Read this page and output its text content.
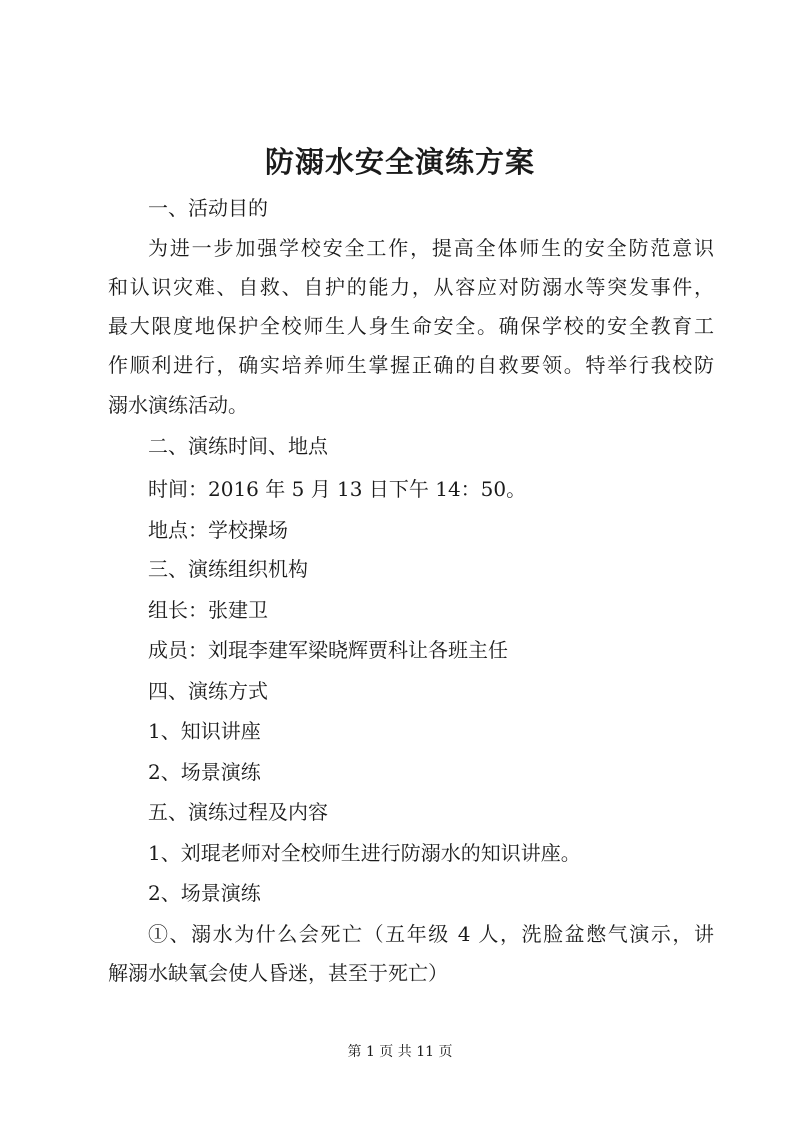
防溺水安全演练方案

一、活动目的

为进一步加强学校安全工作，提高全体师生的安全防范意识

和认识灾难、自救、自护的能力，从容应对防溺水等突发事件，

最大限度地保护全校师生人身生命安全。确保学校的安全教育工

作顺利进行，确实培养师生掌握正确的自救要领。特举行我校防

溺水演练活动。

二、演练时间、地点

时间：2016 年 5 月 13 日下午 14：50。

地点：学校操场

三、演练组织机构

组长：张建卫

成员：刘琨李建军梁晓辉贾科让各班主任

四、演练方式

1、知识讲座

2、场景演练

五、演练过程及内容

1、刘琨老师对全校师生进行防溺水的知识讲座。

2、场景演练

①、溺水为什么会死亡（五年级 4 人，洗脸盆憋气演示，讲

解溺水缺氧会使人昏迷，甚至于死亡）

第 1 页 共 11 页
